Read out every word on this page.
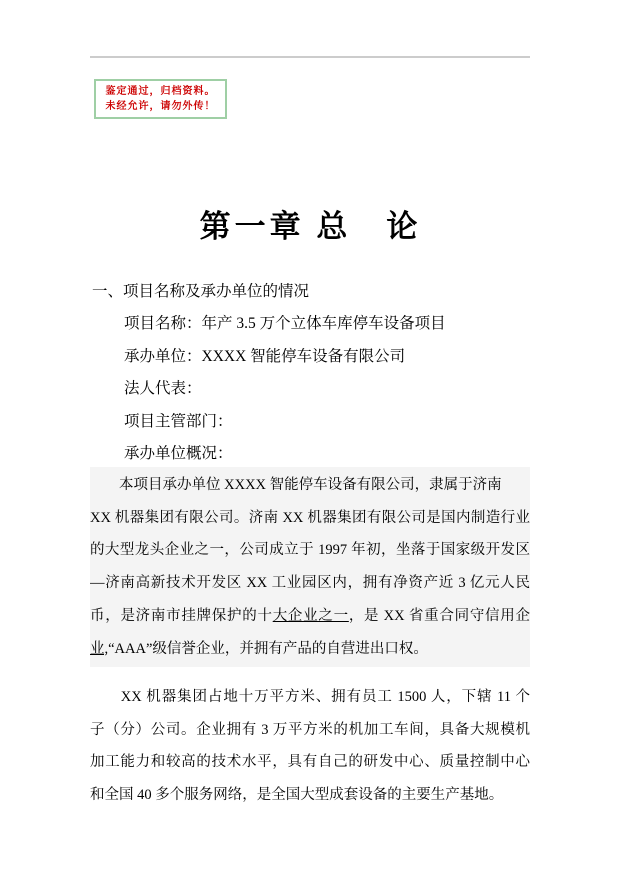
鉴定通过，归档资料。
未经允许，请勿外传！
第一章 总　论
一、项目名称及承办单位的情况
项目名称：年产 3.5 万个立体车库停车设备项目
承办单位：XXXX 智能停车设备有限公司
法人代表：
项目主管部门：
承办单位概况：
　　本项目承办单位 XXXX 智能停车设备有限公司，隶属于济南
XX 机器集团有限公司。济南 XX 机器集团有限公司是国内制造行业
的大型龙头企业之一，公司成立于 1997 年初，坐落于国家级开发区
—济南高新技术开发区 XX 工业园区内，拥有净资产近 3 亿元人民
币，是济南市挂牌保护的十大企业之一，是 XX 省重合同守信用企
业,“AAA”级信誉企业，并拥有产品的自营进出口权。
　　XX 机器集团占地十万平方米、拥有员工 1500 人，下辖 11 个
子（分）公司。企业拥有 3 万平方米的机加工车间，具备大规模机
加工能力和较高的技术水平，具有自己的研发中心、质量控制中心
和全国 40 多个服务网络，是全国大型成套设备的主要生产基地。
